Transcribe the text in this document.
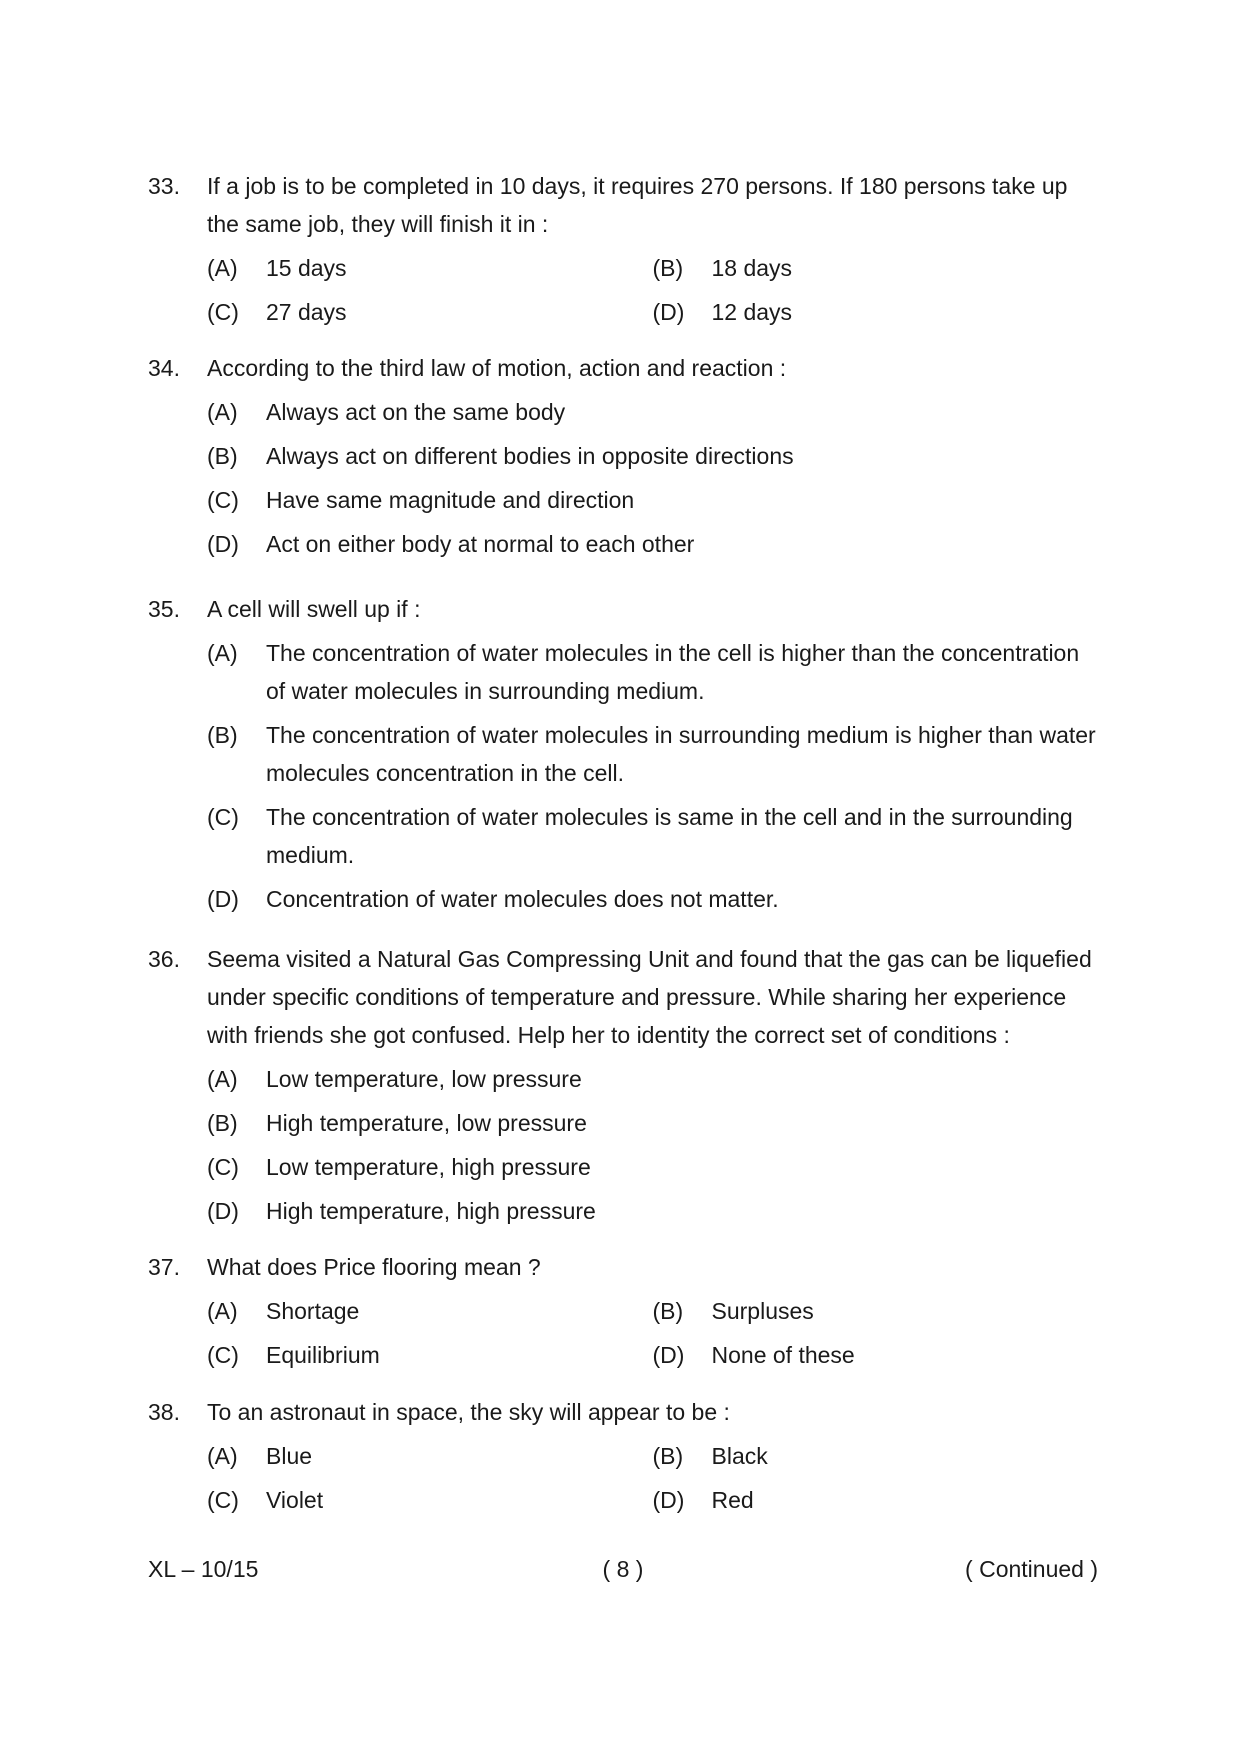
33.	If a job is to be completed in 10 days, it requires 270 persons. If 180 persons take up the same job, they will finish it in :
(A)	15 days	(B)	18 days
(C)	27 days	(D)	12 days
34.	According to the third law of motion, action and reaction :
(A)	Always act on the same body
(B)	Always act on different bodies in opposite directions
(C)	Have same magnitude and direction
(D)	Act on either body at normal to each other
35.	A cell will swell up if :
(A)	The concentration of water molecules in the cell is higher than the concentration of water molecules in surrounding medium.
(B)	The concentration of water molecules in surrounding medium is higher than water molecules concentration in the cell.
(C)	The concentration of water molecules is same in the cell and in the surrounding medium.
(D)	Concentration of water molecules does not matter.
36.	Seema visited a Natural Gas Compressing Unit and found that the gas can be liquefied under specific conditions of temperature and pressure. While sharing her experience with friends she got confused. Help her to identity the correct set of conditions :
(A)	Low temperature, low pressure
(B)	High temperature, low pressure
(C)	Low temperature, high pressure
(D)	High temperature, high pressure
37.	What does Price flooring mean ?
(A)	Shortage	(B)	Surpluses
(C)	Equilibrium	(D)	None of these
38.	To an astronaut in space, the sky will appear to be :
(A)	Blue	(B)	Black
(C)	Violet	(D)	Red
XL – 10/15	( 8 )	( Continued )
